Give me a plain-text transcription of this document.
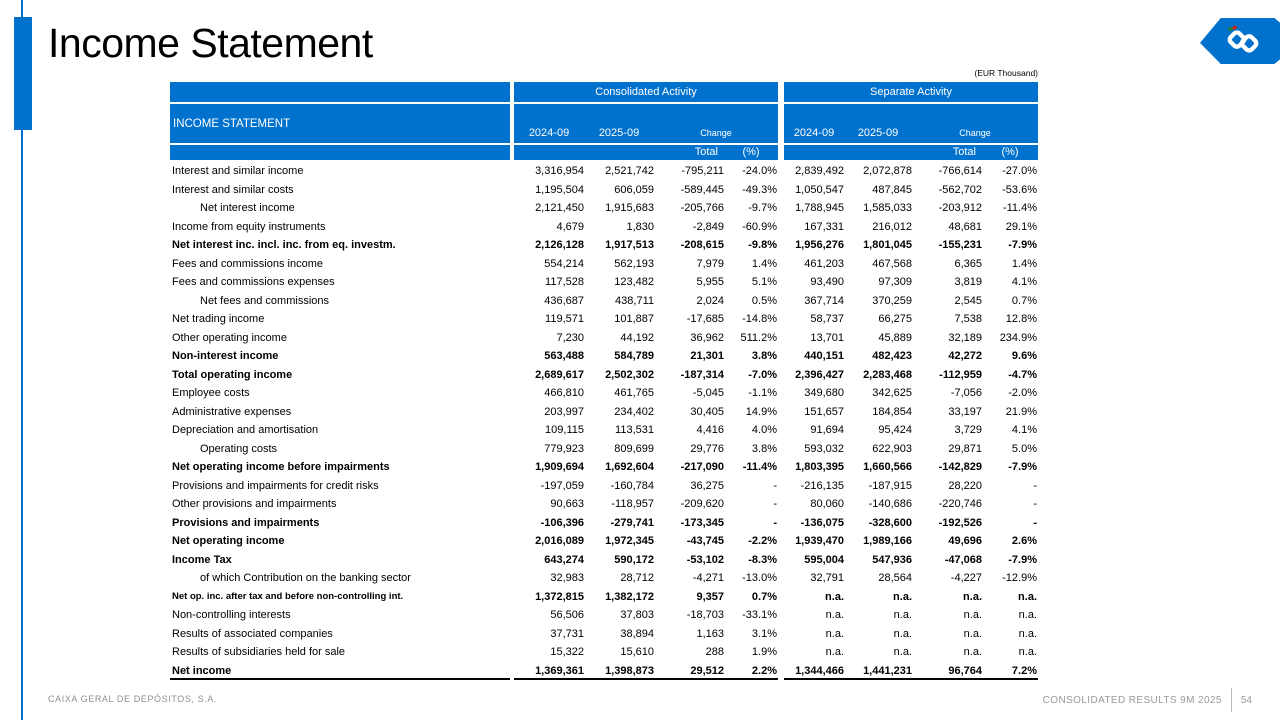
Income Statement
(EUR Thousand)
Consolidated Activity	Separate Activity
INCOME STATEMENT
2024-09	2025-09	Change	2024-09	2025-09	Change
Total	(%)	Total	(%)
Interest and similar income	3,316,954	2,521,742	-795,211	-24.0%	2,839,492	2,072,878	-766,614	-27.0%
Interest and similar costs	1,195,504	606,059	-589,445	-49.3%	1,050,547	487,845	-562,702	-53.6%
Net interest income	2,121,450	1,915,683	-205,766	-9.7%	1,788,945	1,585,033	-203,912	-11.4%
Income from equity instruments	4,679	1,830	-2,849	-60.9%	167,331	216,012	48,681	29.1%
Net interest inc. incl. inc. from eq. investm.	2,126,128	1,917,513	-208,615	-9.8%	1,956,276	1,801,045	-155,231	-7.9%
Fees and commissions income	554,214	562,193	7,979	1.4%	461,203	467,568	6,365	1.4%
Fees and commissions expenses	117,528	123,482	5,955	5.1%	93,490	97,309	3,819	4.1%
Net fees and commissions	436,687	438,711	2,024	0.5%	367,714	370,259	2,545	0.7%
Net trading income	119,571	101,887	-17,685	-14.8%	58,737	66,275	7,538	12.8%
Other operating income	7,230	44,192	36,962	511.2%	13,701	45,889	32,189	234.9%
Non-interest income	563,488	584,789	21,301	3.8%	440,151	482,423	42,272	9.6%
Total operating income	2,689,617	2,502,302	-187,314	-7.0%	2,396,427	2,283,468	-112,959	-4.7%
Employee costs	466,810	461,765	-5,045	-1.1%	349,680	342,625	-7,056	-2.0%
Administrative expenses	203,997	234,402	30,405	14.9%	151,657	184,854	33,197	21.9%
Depreciation and amortisation	109,115	113,531	4,416	4.0%	91,694	95,424	3,729	4.1%
Operating costs	779,923	809,699	29,776	3.8%	593,032	622,903	29,871	5.0%
Net operating income before impairments	1,909,694	1,692,604	-217,090	-11.4%	1,803,395	1,660,566	-142,829	-7.9%
Provisions and impairments for credit risks	-197,059	-160,784	36,275	-	-216,135	-187,915	28,220	-
Other provisions and impairments	90,663	-118,957	-209,620	-	80,060	-140,686	-220,746	-
Provisions and impairments	-106,396	-279,741	-173,345	-	-136,075	-328,600	-192,526	-
Net operating income	2,016,089	1,972,345	-43,745	-2.2%	1,939,470	1,989,166	49,696	2.6%
Income Tax	643,274	590,172	-53,102	-8.3%	595,004	547,936	-47,068	-7.9%
of which Contribution on the banking sector	32,983	28,712	-4,271	-13.0%	32,791	28,564	-4,227	-12.9%
Net op. inc. after tax and before non-controlling int.	1,372,815	1,382,172	9,357	0.7%	n.a.	n.a.	n.a.	n.a.
Non-controlling interests	56,506	37,803	-18,703	-33.1%	n.a.	n.a.	n.a.	n.a.
Results of associated companies	37,731	38,894	1,163	3.1%	n.a.	n.a.	n.a.	n.a.
Results of subsidiaries held for sale	15,322	15,610	288	1.9%	n.a.	n.a.	n.a.	n.a.
Net income	1,369,361	1,398,873	29,512	2.2%	1,344,466	1,441,231	96,764	7.2%
CAIXA GERAL DE DEPÓSITOS, S.A.	CONSOLIDATED RESULTS 9M 2025 54
